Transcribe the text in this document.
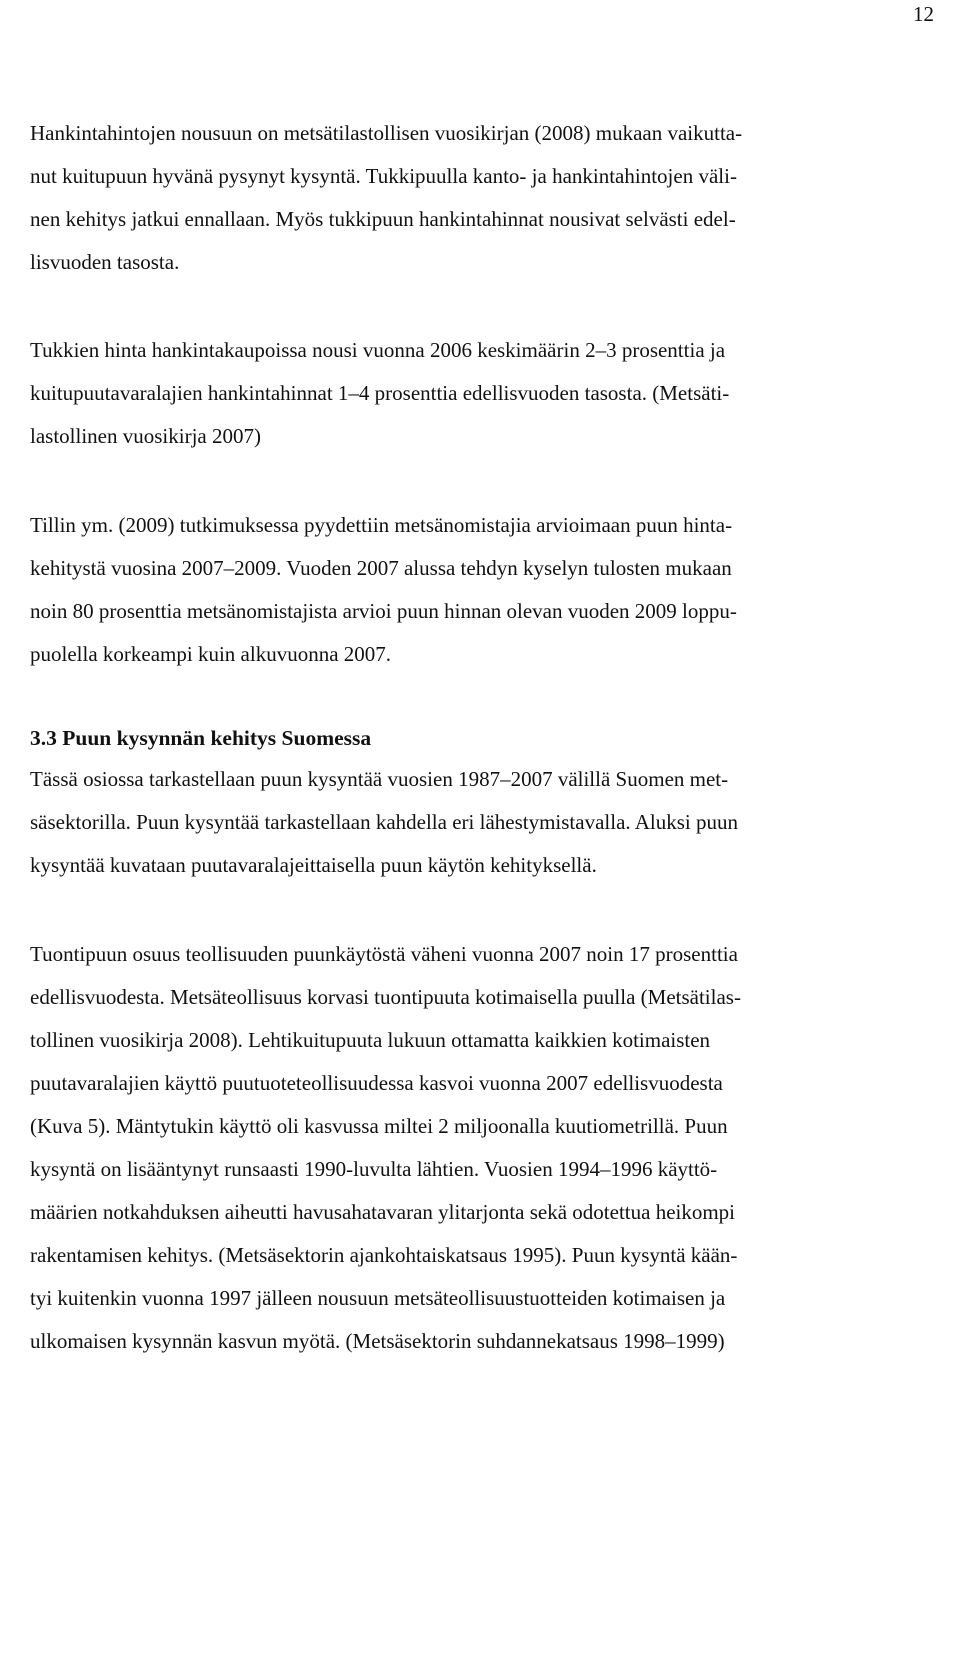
12

Hankintahintojen nousuun on metsätilastollisen vuosikirjan (2008) mukaan vaikutta-
nut kuitupuun hyvänä pysynyt kysyntä. Tukkipuulla kanto- ja hankintahintojen väli-
nen kehitys jatkui ennallaan. Myös tukkipuun hankintahinnat nousivat selvästi edel-
lisvuoden tasosta.

Tukkien hinta hankintakaupoissa nousi vuonna 2006 keskimäärin 2–3 prosenttia ja
kuitupuutavaralajien hankintahinnat 1–4 prosenttia edellisvuoden tasosta. (Metsäti-
lastollinen vuosikirja 2007)

Tillin ym. (2009) tutkimuksessa pyydettiin metsänomistajia arvioimaan puun hinta-
kehitystä vuosina 2007–2009. Vuoden 2007 alussa tehdyn kyselyn tulosten mukaan
noin 80 prosenttia metsänomistajista arvioi puun hinnan olevan vuoden 2009 loppu-
puolella korkeampi kuin alkuvuonna 2007.

3.3 Puun kysynnän kehitys Suomessa

Tässä osiossa tarkastellaan puun kysyntää vuosien 1987–2007 välillä Suomen met-
säsektorilla. Puun kysyntää tarkastellaan kahdella eri lähestymistavalla. Aluksi puun
kysyntää kuvataan puutavaralajeittaisella puun käytön kehityksellä.

Tuontipuun osuus teollisuuden puunkäytöstä väheni vuonna 2007 noin 17 prosenttia
edellisvuodesta. Metsäteollisuus korvasi tuontipuuta kotimaisella puulla (Metsätilas-
tollinen vuosikirja 2008). Lehtikuitupuuta lukuun ottamatta kaikkien kotimaisten
puutavaralajien käyttö puutuoteteollisuudessa kasvoi vuonna 2007 edellisvuodesta
(Kuva 5). Mäntytukin käyttö oli kasvussa miltei 2 miljoonalla kuutiometrillä. Puun
kysyntä on lisääntynyt runsaasti 1990-luvulta lähtien. Vuosien 1994–1996 käyttö-
määrien notkahduksen aiheutti havusahatavaran ylitarjonta sekä odotettua heikompi
rakentamisen kehitys. (Metsäsektorin ajankohtaiskatsaus 1995). Puun kysyntä kään-
tyi kuitenkin vuonna 1997 jälleen nousuun metsäteollisuustuotteiden kotimaisen ja
ulkomaisen kysynnän kasvun myötä. (Metsäsektorin suhdannekatsaus 1998–1999)
